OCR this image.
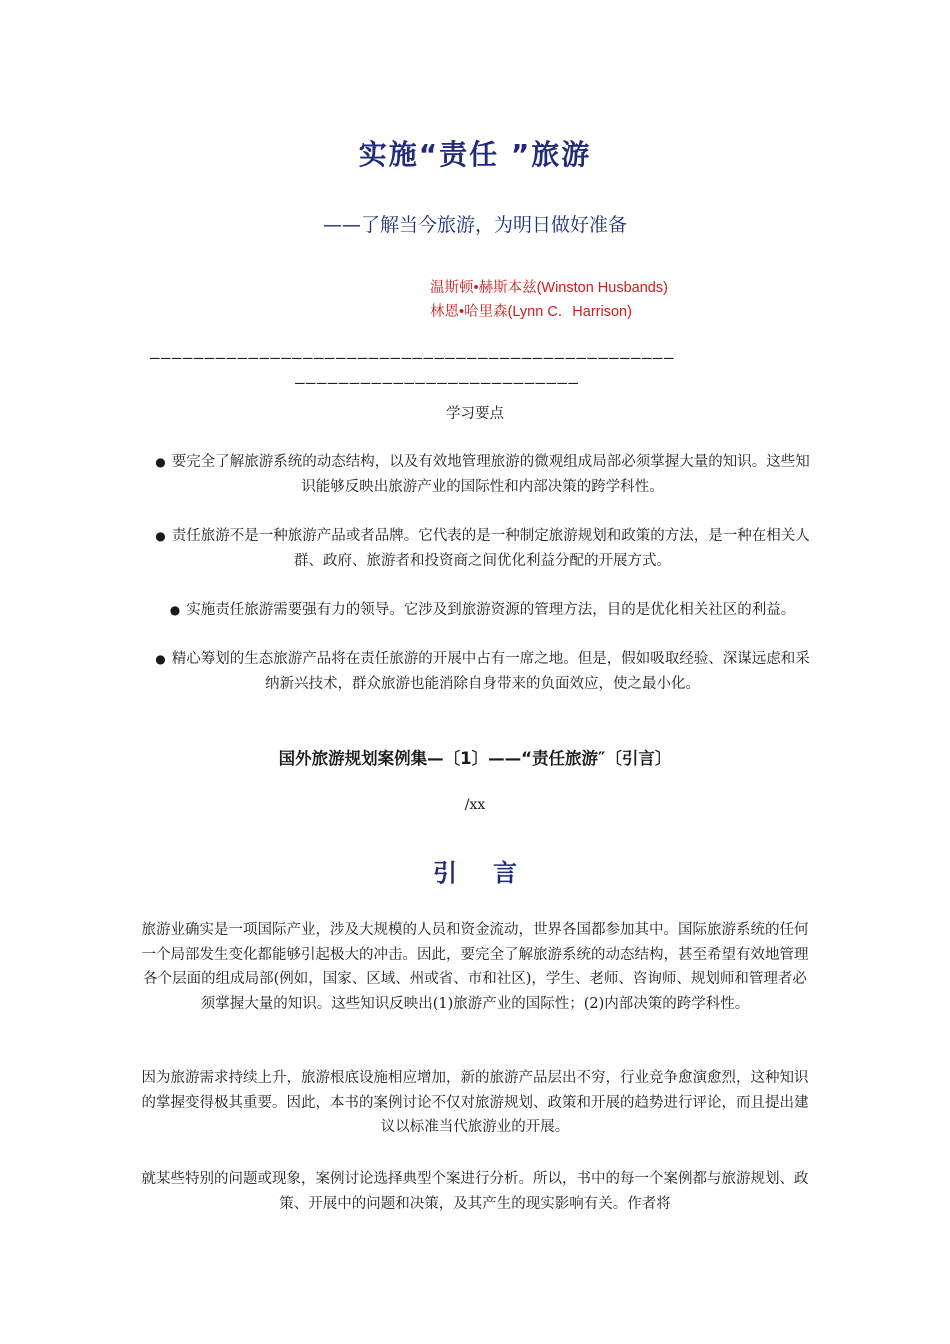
实施“责任 ”旅游
——了解当今旅游，为明日做好准备
温斯顿•赫斯本兹(Winston Husbands)
林恩•哈里森(Lynn C．Harrison)
————————————————————————————————————————————————
——————————————————————————
学习要点
● 要完全了解旅游系统的动态结构，以及有效地管理旅游的微观组成局部必须掌握大量的知识。这些知识能够反映出旅游产业的国际性和内部决策的跨学科性。
● 责任旅游不是一种旅游产品或者品牌。它代表的是一种制定旅游规划和政策的方法，是一种在相关人群、政府、旅游者和投资商之间优化利益分配的开展方式。
● 实施责任旅游需要强有力的领导。它涉及到旅游资源的管理方法，目的是优化相关社区的利益。
● 精心筹划的生态旅游产品将在责任旅游的开展中占有一席之地。但是，假如吸取经验、深谋远虑和采纳新兴技术，群众旅游也能消除自身带来的负面效应，使之最小化。
国外旅游规划案例集—〔1〕——“责任旅游″〔引言〕
/xx
引言
旅游业确实是一项国际产业，涉及大规模的人员和资金流动，世界各国都参加其中。国际旅游系统的任何一个局部发生变化都能够引起极大的冲击。因此，要完全了解旅游系统的动态结构，甚至希望有效地管理各个层面的组成局部(例如，国家、区域、州或省、市和社区)，学生、老师、咨询师、规划师和管理者必须掌握大量的知识。这些知识反映出(1)旅游产业的国际性；(2)内部决策的跨学科性。
因为旅游需求持续上升，旅游根底设施相应增加，新的旅游产品层出不穷，行业竞争愈演愈烈，这种知识的掌握变得极其重要。因此，本书的案例讨论不仅对旅游规划、政策和开展的趋势进行评论，而且提出建议以标准当代旅游业的开展。
就某些特别的问题或现象，案例讨论选择典型个案进行分析。所以，书中的每一个案例都与旅游规划、政策、开展中的问题和决策，及其产生的现实影响有关。作者将
